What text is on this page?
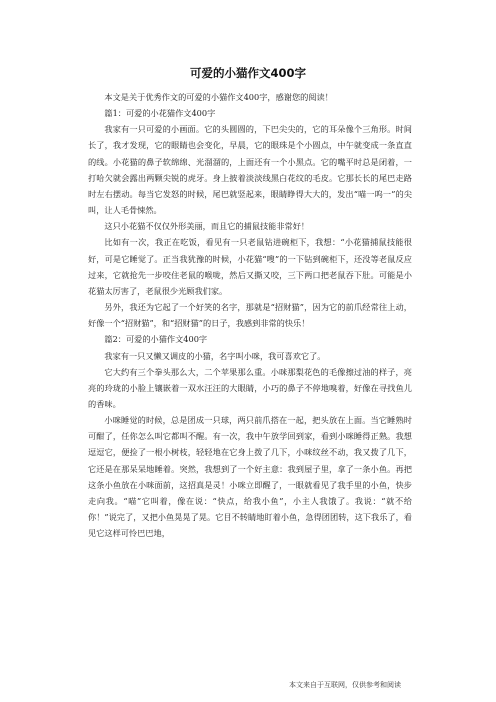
可爱的小猫作文400字

本文是关于优秀作文的可爱的小猫作文400字，感谢您的阅读！

篇1：可爱的小花猫作文400字

我家有一只可爱的小画面。它的头圆圆的，下巴尖尖的，它的耳朵像个三角形。时间长了，我才发现，它的眼睛也会变化，早晨，它的眼珠是个小圆点，中午就变成一条直直的线。小花猫的鼻子软绵绵、光溜溜的，上面还有一个小黑点。它的嘴平时总是闭着，一打哈欠就会露出两颗尖锐的虎牙。身上披着淡淡线黑白花纹的毛皮。它那长长的尾巴走路时左右摆动。每当它发怒的时候，尾巴就竖起来，眼睛睁得大大的，发出“喵一呜一”的尖叫，让人毛骨悚然。

这只小花猫不仅仅外形美丽，而且它的捕鼠技能非常好！

比如有一次，我正在吃饭，看见有一只老鼠钻进碗柜下，我想：“小花猫捕鼠技能很好，可是它睡觉了。正当我犹豫的时候，小花猫“嗖”的一下钻到碗柜下，还没等老鼠反应过来，它就抢先一步咬住老鼠的喉咙，然后又撕又咬，三下两口把老鼠吞下肚。可能是小花猫太厉害了，老鼠很少光顾我们家。

另外，我还为它起了一个好笑的名字，那就是“招财猫”，因为它的前爪经常往上动，好像一个“招财猫”，和“招财猫”的日子，我感到非常的快乐！

篇2：可爱的小猫作文400字

我家有一只又懒又调皮的小猫，名字叫小咪，我可喜欢它了。

它大约有三个拳头那么大，二个苹果那么重。小咪那梨花色的毛像擦过油的样子，亮亮的玲珑的小脸上镶嵌着一双水汪汪的大眼睛，小巧的鼻子不停地嗅着，好像在寻找鱼儿的香味。

小咪睡觉的时候，总是团成一只球，两只前爪搭在一起，把头放在上面。当它睡熟时可酣了，任你怎么叫它都叫不醒。有一次，我中午放学回到家，看到小咪睡得正熟。我想逗逗它，便捡了一根小树枝，轻轻地在它身上拨了几下，小咪纹丝不动，我又拨了几下，它还是在那呆呆地睡着。突然，我想到了一个好主意：我到屋子里，拿了一条小鱼。再把这条小鱼放在小咪面前，这招真是灵！小咪立即醒了，一眼就看见了我手里的小鱼，快步走向我。“喵”它叫着，像在说：“快点，给我小鱼”，小主人我饿了。我说：“就不给你！”说完了，又把小鱼晃晃了晃。它目不转睛地盯着小鱼，急得团团转，这下我乐了，看见它这样可怜巴巴地，

本文来自于互联网，仅供参考和阅读
